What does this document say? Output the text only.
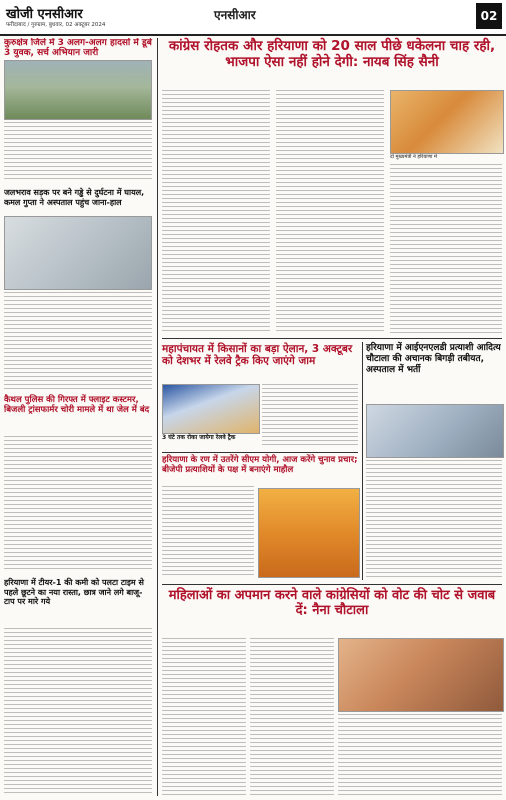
खोजी एनसीआर
फरीदाबाद / गुरुग्राम, बुधवार, 02 अक्टूबर 2024
एनसीआर	02
कुरुक्षेत्र जिले में 3 अलग-अलग हादसों में डूबे 3 युवक, सर्च अभियान जारी
जलभराव सड़क पर बने गड्ढे से दुर्घटना में घायल, कमल गुप्ता ने अस्पताल पहुंच जाना-हाल
कैथल पुलिस की गिरफ्त में फ्लाइट कस्टमर, बिजली ट्रांसफार्मर चोरी मामले में था जेल में बंद
हरियाणा में टीयर-1 की कमी को पलटा टाइम से पहले छूटने का नया रास्ता, छात्र जाने लगे बाजू-टाप पर मारे गये
कांग्रेस रोहतक और हरियाणा को 20 साल पीछे धकेलना चाह रही, भाजपा ऐसा नहीं होने देगी: नायब सिंह सैनी
दो मुख्यमंत्री ने हरियाणा में
महापंचायत में किसानों का बड़ा ऐलान, 3 अक्टूबर को देशभर में रेलवे ट्रैक किए जाएंगे जाम
3 घंटे तक रोका जायेगा रेलवे ट्रैक
हरियाणा में आईएनएलडी प्रत्याशी आदित्य चौटाला की अचानक बिगड़ी तबीयत, अस्पताल में भर्ती
हरियाणा के रण में उतरेंगे सीएम योगी, आज करेंगे चुनाव प्रचार; बीजेपी प्रत्याशियों के पक्ष में बनाएंगे माहौल
महिलाओं का अपमान करने वाले कांग्रेसियों को वोट की चोट से जवाब दें: नैना चौटाला
